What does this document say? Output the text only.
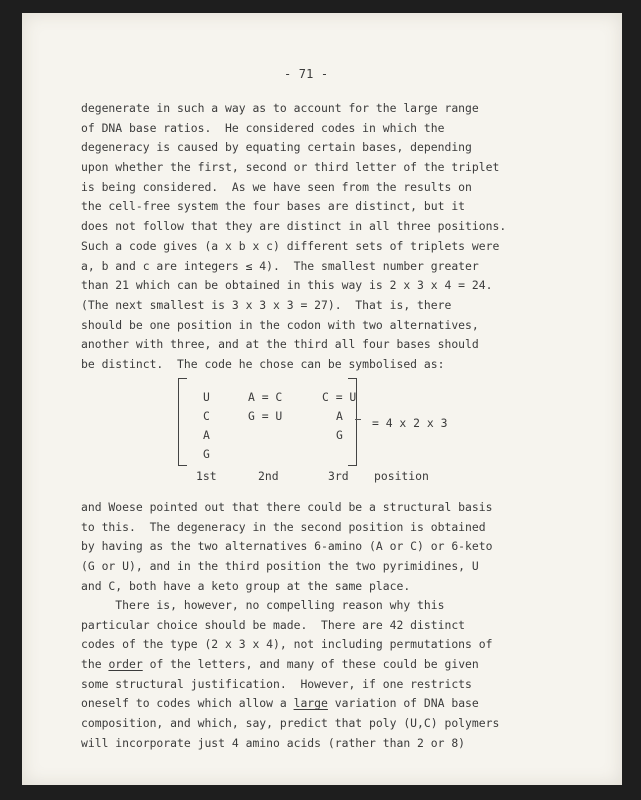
- 71 -
degenerate in such a way as to account for the large range
of DNA base ratios.  He considered codes in which the
degeneracy is caused by equating certain bases, depending
upon whether the first, second or third letter of the triplet
is being considered.  As we have seen from the results on
the cell-free system the four bases are distinct, but it
does not follow that they are distinct in all three positions.
Such a code gives (a x b x c) different sets of triplets were
a, b and c are integers ≤ 4).  The smallest number greater
than 21 which can be obtained in this way is 2 x 3 x 4 = 24.
(The next smallest is 3 x 3 x 3 = 27).  That is, there
should be one position in the codon with two alternatives,
another with three, and at the third all four bases should
be distinct.  The code he chose can be symbolised as:
U
C
A
G
A = C
G = U
C = U
A
G
= 4 x 2 x 3
1st	2nd	3rd position
and Woese pointed out that there could be a structural basis
to this.  The degeneracy in the second position is obtained
by having as the two alternatives 6-amino (A or C) or 6-keto
(G or U), and in the third position the two pyrimidines, U
and C, both have a keto group at the same place.
There is, however, no compelling reason why this
particular choice should be made.  There are 42 distinct
codes of the type (2 x 3 x 4), not including permutations of
the order of the letters, and many of these could be given
some structural justification.  However, if one restricts
oneself to codes which allow a large variation of DNA base
composition, and which, say, predict that poly (U,C) polymers
will incorporate just 4 amino acids (rather than 2 or 8)
